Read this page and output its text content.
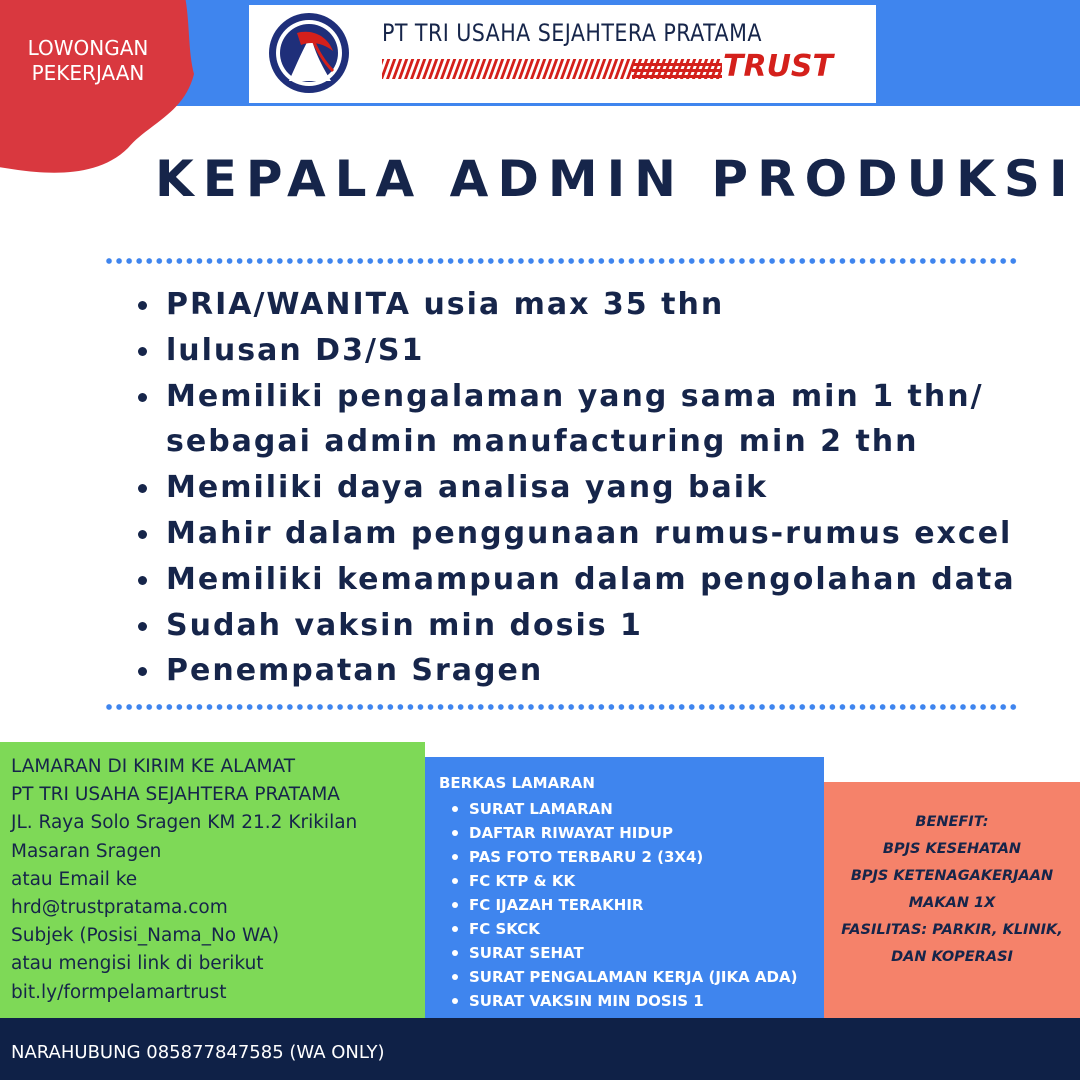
PT TRI USAHA SEJAHTERA PRATAMA
TRUST
LOWONGAN
PEKERJAAN
KEPALA ADMIN PRODUKSI
PRIA/WANITA usia max 35 thn
lulusan D3/S1
Memiliki pengalaman yang sama min 1 thn/
sebagai admin manufacturing min 2 thn
Memiliki daya analisa yang baik
Mahir dalam penggunaan rumus-rumus excel
Memiliki kemampuan dalam pengolahan data
Sudah vaksin min dosis 1
Penempatan Sragen
LAMARAN DI KIRIM KE ALAMAT
PT TRI USAHA SEJAHTERA PRATAMA
JL. Raya Solo Sragen KM 21.2 Krikilan
Masaran Sragen
atau Email ke
hrd@trustpratama.com
Subjek (Posisi_Nama_No WA)
atau mengisi link di berikut
bit.ly/formpelamartrust
BERKAS LAMARAN
SURAT LAMARAN
DAFTAR RIWAYAT HIDUP
PAS FOTO TERBARU 2 (3X4)
FC KTP & KK
FC IJAZAH TERAKHIR
FC SKCK
SURAT SEHAT
SURAT PENGALAMAN KERJA (JIKA ADA)
SURAT VAKSIN MIN DOSIS 1
BENEFIT:
BPJS KESEHATAN
BPJS KETENAGAKERJAAN
MAKAN 1X
FASILITAS: PARKIR, KLINIK,
DAN KOPERASI
NARAHUBUNG 085877847585 (WA ONLY)
